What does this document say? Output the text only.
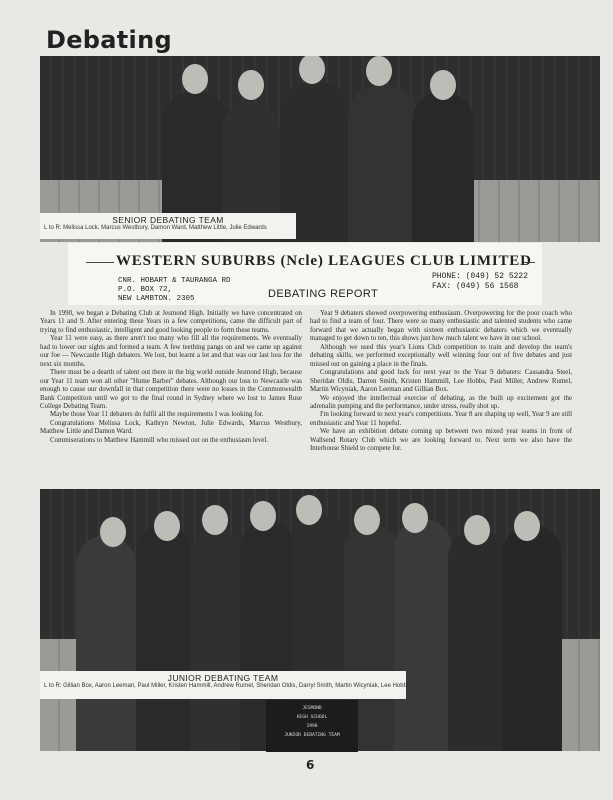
Debating
SENIOR DEBATING TEAM
L to R: Melissa Lock, Marcus Westbury, Damon Ward, Matthew Little, Julie Edwards
WESTERN SUBURBS (Ncle) LEAGUES CLUB LIMITED
CNR. HOBART & TAURANGA RD
P.O. BOX 72,
NEW LAMBTON. 2305	DEBATING REPORT
PHONE: (049) 52 5222
FAX: (049) 56 1568

In 1990, we began a Debating Club at Jesmond High. Initially we have concentrated on Years 11 and 9. After entering these Years in a few competitions, came the difficult part of trying to find enthusiastic, intelligent and good looking people to form these teams.

Year 11 were easy, as there aren't too many who fill all the requirements. We eventually had to lower our sights and formed a team. A few teething pangs on and we came up against our foe — Newcastle High debaters. We lost, but learnt a lot and that was our last loss for the next six months.

There must be a dearth of talent out there in the big world outside Jesmond High, because our Year 11 team won all other "Hume Barber" debates. Although our loss to Newcastle was enough to cause our downfall in that competition there were no losses in the Commonwealth Bank Competition until we got to the final round in Sydney where we lost to James Ruse College Debating Team.

Maybe those Year 11 debaters do fulfil all the requirements I was looking for.

Congratulations Melissa Lock, Kathryn Newton, Julie Edwards, Marcus Westbury, Matthew Little and Damon Ward.

Commiserations to Matthew Hammill who missed out on the enthusiasm level.

Year 9 debaters showed overpowering enthusiasm. Overpowering for the poor coach who had to find a team of four. There were so many enthusiastic and talented students who came forward that we actually began with sixteen enthusiastic debaters which we eventually managed to get down to ten, this shows just how much talent we have in our school.

Although we used this year's Lions Club competition to train and develop the team's debating skills, we performed exceptionally well winning four out of five debates and just missed out on gaining a place in the finals.

Congratulations and good luck for next year to the Year 9 debaters: Cassandra Steel, Sheridan Oldis, Darren Smith, Kristen Hammill, Lee Hobbs, Paul Miller, Andrew Rumel, Martin Wicyniak, Aaron Leeman and Gillian Box.

We enjoyed the intellectual exercise of debating, as the built up excitement got the adrenalin pumping and the performance, under stress, really shot up.

I'm looking forward to next year's competitions. Year 8 are shaping up well, Year 9 are still enthusiastic and Year 11 hopeful.

We have an exhibition debate coming up between two mixed year teams in front of Wallsend Rotary Club which we are looking forward to. Next term we also have the Interhouse Shield to compete for.

JUNIOR DEBATING TEAM
L to R: Gillian Box, Aaron Leeman, Paul Miller, Kristen Hammill, Andrew Rumel, Sheridan Oldis, Darryl Smith, Martin Wicyniak, Lee Hobbs.
JESMOND
HIGH SCHOOL
1990
JUNIOR DEBATING TEAM
6
